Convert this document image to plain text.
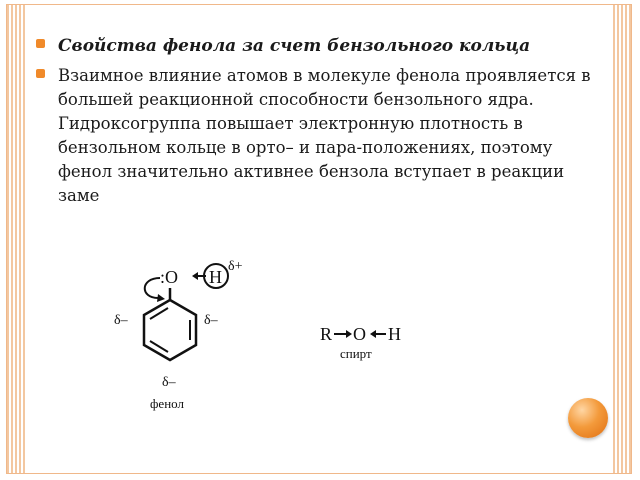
Свойства фенола за счет бензольного кольца
Взаимное влияние атомов в молекуле фенола проявляется в большей реакционной способности бензольного ядра. Гидроксогруппа повышает электронную плотность в бензольном кольце в орто– и пара-положениях, поэтому фенол значительно активнее бензола вступает в реакции заме
:O H
δ+
δ–	δ–
δ–
фенол
R O H
спирт
